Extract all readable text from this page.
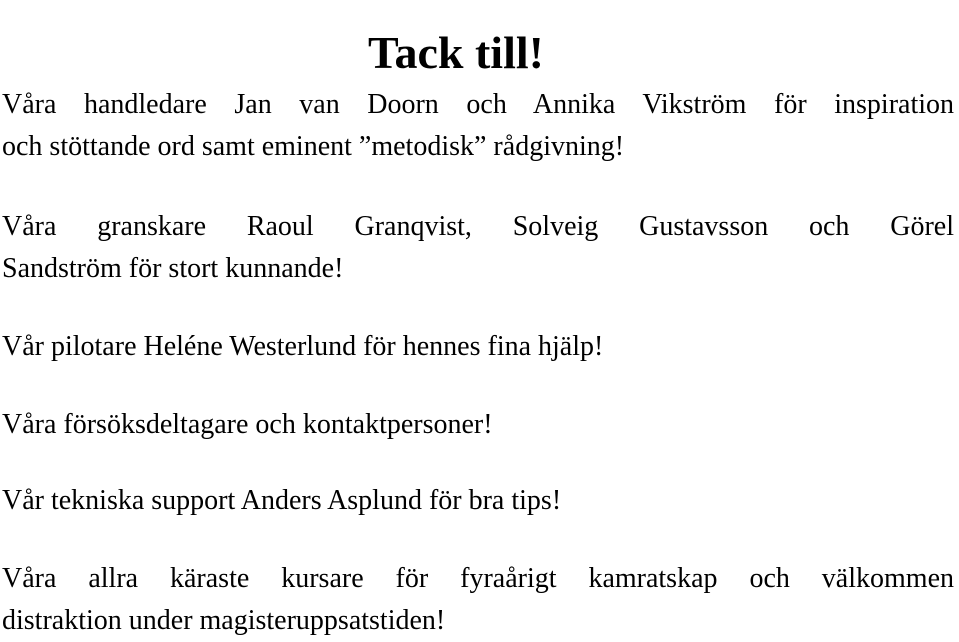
Tack till!

Våra handledare Jan van Doorn och Annika Vikström för inspiration
och stöttande ord samt eminent ”metodisk” rådgivning!

Våra granskare Raoul Granqvist, Solveig Gustavsson och Görel
Sandström för stort kunnande!

Vår pilotare Heléne Westerlund för hennes fina hjälp!

Våra försöksdeltagare och kontaktpersoner!

Vår tekniska support Anders Asplund för bra tips!

Våra allra käraste kursare för fyraårigt kamratskap och välkommen
distraktion under magisteruppsatstiden!
